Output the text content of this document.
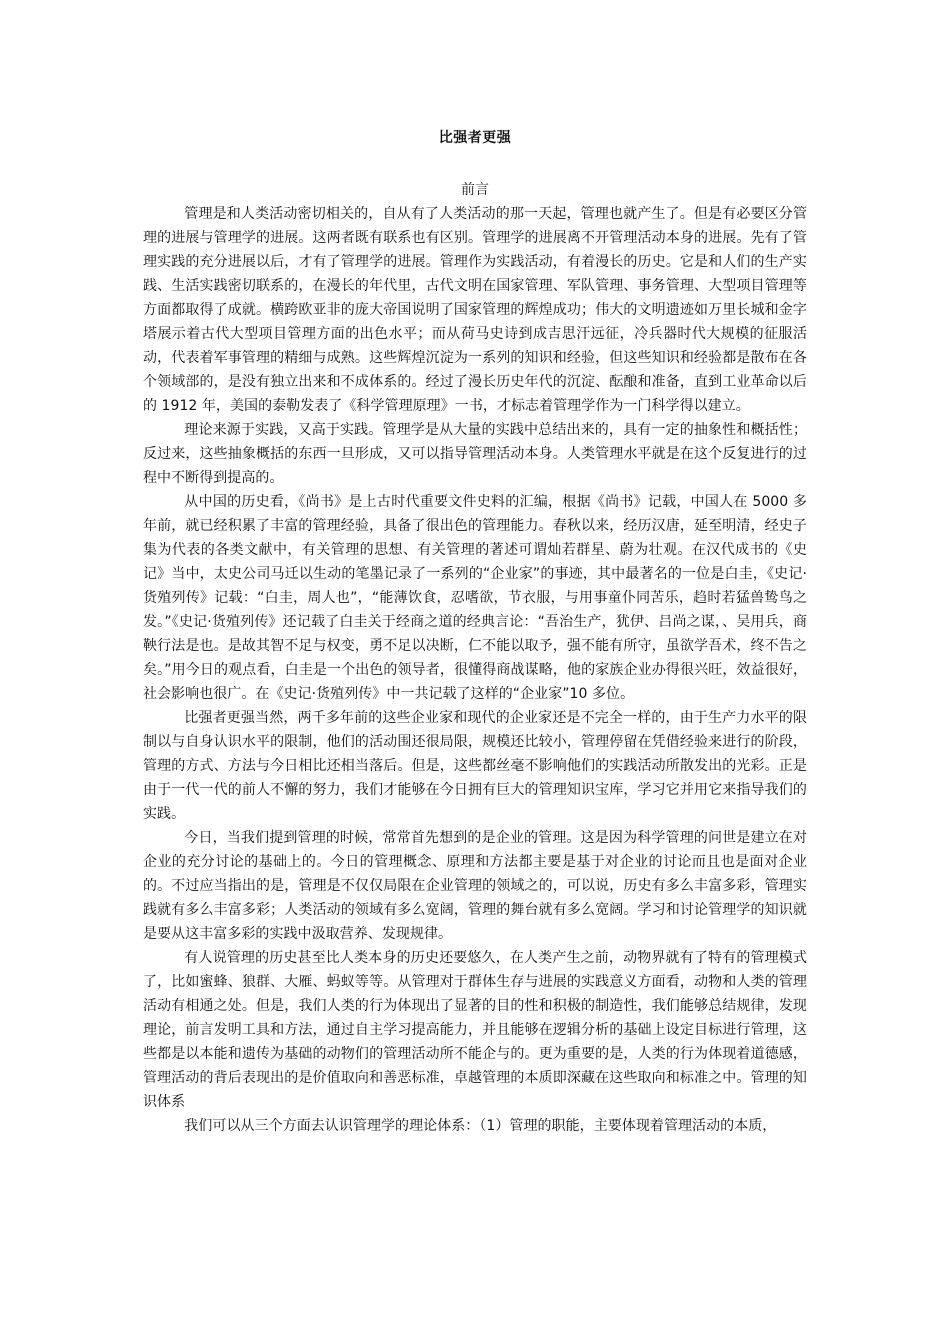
比强者更强
前言

管理是和人类活动密切相关的，自从有了人类活动的那一天起，管理也就产生了。但是有必要区分管理的进展与管理学的进展。这两者既有联系也有区别。管理学的进展离不开管理活动本身的进展。先有了管理实践的充分进展以后，才有了管理学的进展。管理作为实践活动，有着漫长的历史。它是和人们的生产实践、生活实践密切联系的，在漫长的年代里，古代文明在国家管理、军队管理、事务管理、大型项目管理等方面都取得了成就。横跨欧亚非的庞大帝国说明了国家管理的辉煌成功；伟大的文明遗迹如万里长城和金字塔展示着古代大型项目管理方面的出色水平；而从荷马史诗到成吉思汗远征，冷兵器时代大规模的征服活动，代表着军事管理的精细与成熟。这些辉煌沉淀为一系列的知识和经验，但这些知识和经验都是散布在各个领域部的，是没有独立出来和不成体系的。经过了漫长历史年代的沉淀、酝酿和准备，直到工业革命以后的 1912 年，美国的泰勒发表了《科学管理原理》一书，才标志着管理学作为一门科学得以建立。

理论来源于实践，又高于实践。管理学是从大量的实践中总结出来的，具有一定的抽象性和概括性；反过来，这些抽象概括的东西一旦形成，又可以指导管理活动本身。人类管理水平就是在这个反复进行的过程中不断得到提高的。

从中国的历史看，《尚书》是上古时代重要文件史料的汇编，根据《尚书》记载，中国人在 5000 多年前，就已经积累了丰富的管理经验，具备了很出色的管理能力。春秋以来，经历汉唐，延至明清，经史子集为代表的各类文献中，有关管理的思想、有关管理的著述可谓灿若群星、蔚为壮观。在汉代成书的《史记》当中，太史公司马迁以生动的笔墨记录了一系列的“企业家”的事迹，其中最著名的一位是白圭，《史记·货殖列传》记载：“白圭，周人也”，“能薄饮食，忍嗜欲，节衣服，与用事童仆同苦乐，趋时若猛兽鸷鸟之发。”《史记·货殖列传》还记载了白圭关于经商之道的经典言论：“吾治生产，犹伊、吕尚之谋，、吴用兵，商鞅行法是也。是故其智不足与权变，勇不足以决断，仁不能以取予，强不能有所守，虽欲学吾术，终不告之矣。”用今日的观点看，白圭是一个出色的领导者，很懂得商战谋略，他的家族企业办得很兴旺，效益很好，社会影响也很广。在《史记·货殖列传》中一共记载了这样的“企业家”10 多位。

比强者更强当然，两千多年前的这些企业家和现代的企业家还是不完全一样的，由于生产力水平的限制以与自身认识水平的限制，他们的活动围还很局限，规模还比较小，管理停留在凭借经验来进行的阶段，管理的方式、方法与今日相比还相当落后。但是，这些都丝毫不影响他们的实践活动所散发出的光彩。正是由于一代一代的前人不懈的努力，我们才能够在今日拥有巨大的管理知识宝库，学习它并用它来指导我们的实践。

今日，当我们提到管理的时候，常常首先想到的是企业的管理。这是因为科学管理的问世是建立在对企业的充分讨论的基础上的。今日的管理概念、原理和方法都主要是基于对企业的讨论而且也是面对企业的。不过应当指出的是，管理是不仅仅局限在企业管理的领域之的，可以说，历史有多么丰富多彩，管理实践就有多么丰富多彩；人类活动的领域有多么宽阔，管理的舞台就有多么宽阔。学习和讨论管理学的知识就是要从这丰富多彩的实践中汲取营养、发现规律。

有人说管理的历史甚至比人类本身的历史还要悠久，在人类产生之前，动物界就有了特有的管理模式了，比如蜜蜂、狼群、大雁、蚂蚁等等。从管理对于群体生存与进展的实践意义方面看，动物和人类的管理活动有相通之处。但是，我们人类的行为体现出了显著的目的性和积极的制造性，我们能够总结规律，发现理论，前言发明工具和方法，通过自主学习提高能力，并且能够在逻辑分析的基础上设定目标进行管理，这些都是以本能和遗传为基础的动物们的管理活动所不能企与的。更为重要的是，人类的行为体现着道德感，管理活动的背后表现出的是价值取向和善恶标准，卓越管理的本质即深藏在这些取向和标准之中。管理的知识体系

我们可以从三个方面去认识管理学的理论体系：（1）管理的职能，主要体现着管理活动的本质，
